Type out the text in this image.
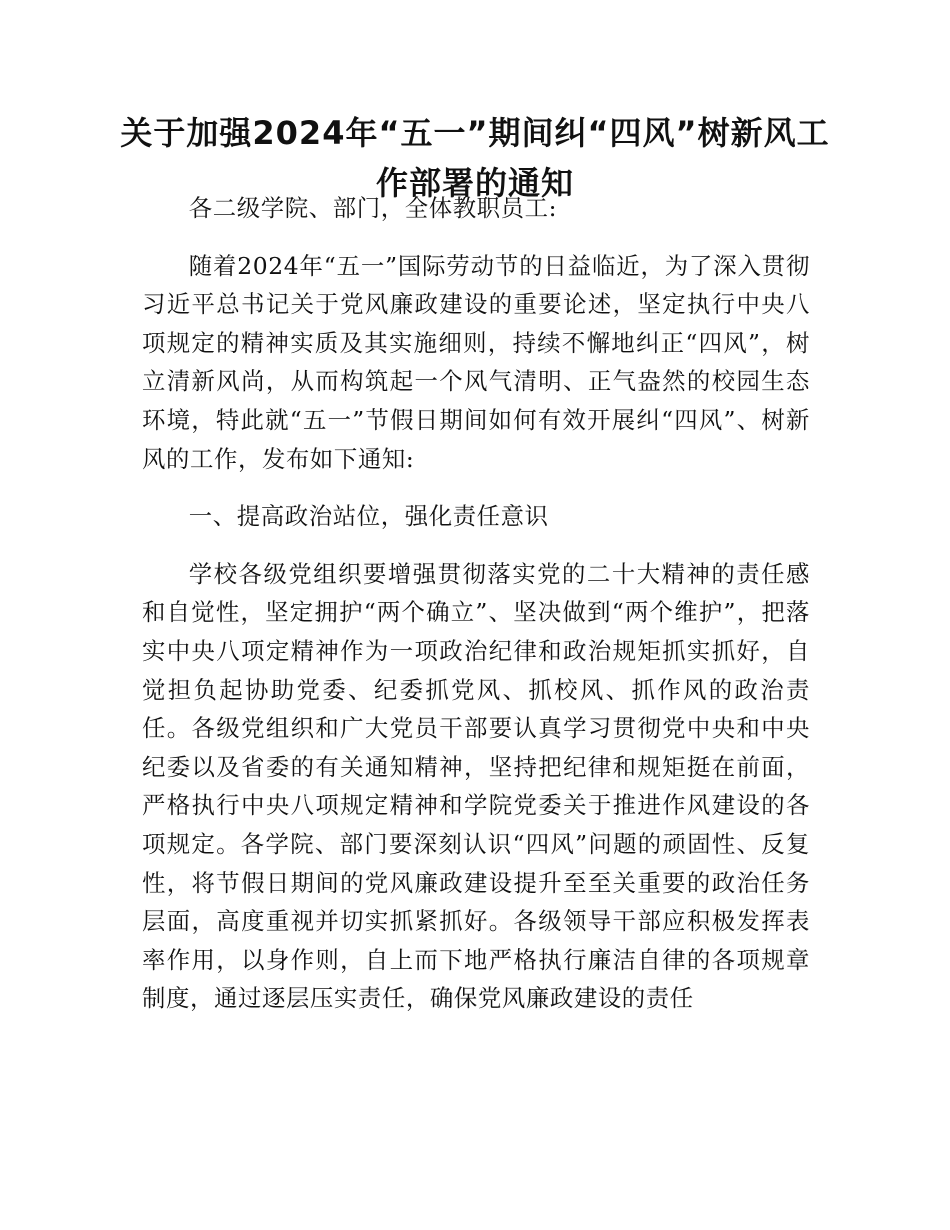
关于加强2024年“五一”期间纠“四风”树新风工作部署的通知

各二级学院、部门，全体教职员工:

随着2024年“五一”国际劳动节的日益临近，为了深入贯彻习近平总书记关于党风廉政建设的重要论述，坚定执行中央八项规定的精神实质及其实施细则，持续不懈地纠正“四风”，树立清新风尚，从而构筑起一个风气清明、正气盎然的校园生态环境，特此就“五一”节假日期间如何有效开展纠“四风”、树新风的工作，发布如下通知:

一、提高政治站位，强化责任意识

学校各级党组织要增强贯彻落实党的二十大精神的责任感和自觉性，坚定拥护“两个确立”、坚决做到“两个维护”，把落实中央八项定精神作为一项政治纪律和政治规矩抓实抓好，自觉担负起协助党委、纪委抓党风、抓校风、抓作风的政治责任。各级党组织和广大党员干部要认真学习贯彻党中央和中央纪委以及省委的有关通知精神，坚持把纪律和规矩挺在前面，严格执行中央八项规定精神和学院党委关于推进作风建设的各项规定。各学院、部门要深刻认识“四风”问题的顽固性、反复性，将节假日期间的党风廉政建设提升至至关重要的政治任务层面，高度重视并切实抓紧抓好。各级领导干部应积极发挥表率作用，以身作则，自上而下地严格执行廉洁自律的各项规章制度，通过逐层压实责任，确保党风廉政建设的责任
